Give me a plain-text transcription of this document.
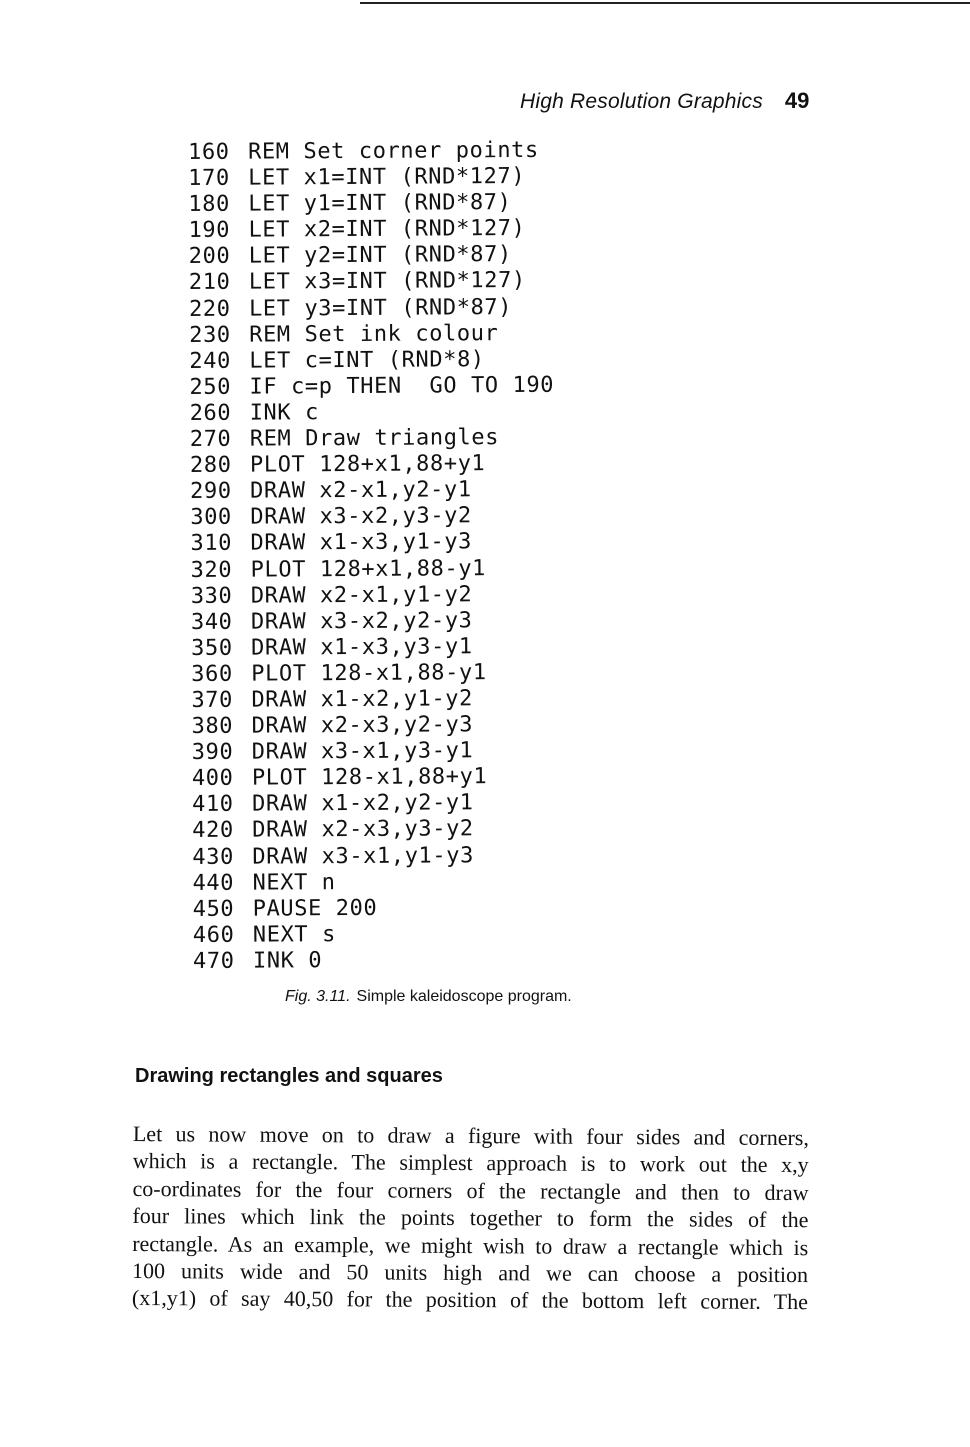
High Resolution Graphics 49
160 REM Set corner points
170 LET x1=INT (RND*127)
180 LET y1=INT (RND*87)
190 LET x2=INT (RND*127)
200 LET y2=INT (RND*87)
210 LET x3=INT (RND*127)
220 LET y3=INT (RND*87)
230 REM Set ink colour
240 LET c=INT (RND*8)
250 IF c=p THEN  GO TO 190
260 INK c
270 REM Draw triangles
280 PLOT 128+x1,88+y1
290 DRAW x2-x1,y2-y1
300 DRAW x3-x2,y3-y2
310 DRAW x1-x3,y1-y3
320 PLOT 128+x1,88-y1
330 DRAW x2-x1,y1-y2
340 DRAW x3-x2,y2-y3
350 DRAW x1-x3,y3-y1
360 PLOT 128-x1,88-y1
370 DRAW x1-x2,y1-y2
380 DRAW x2-x3,y2-y3
390 DRAW x3-x1,y3-y1
400 PLOT 128-x1,88+y1
410 DRAW x1-x2,y2-y1
420 DRAW x2-x3,y3-y2
430 DRAW x3-x1,y1-y3
440 NEXT n
450 PAUSE 200
460 NEXT s
470 INK 0
Fig. 3.11. Simple kaleidoscope program.
Drawing rectangles and squares
Let us now move on to draw a figure with four sides and corners,
which is a rectangle. The simplest approach is to work out the x,y
co-ordinates for the four corners of the rectangle and then to draw
four lines which link the points together to form the sides of the
rectangle. As an example, we might wish to draw a rectangle which is
100 units wide and 50 units high and we can choose a position
(x1,y1) of say 40,50 for the position of the bottom left corner. The
